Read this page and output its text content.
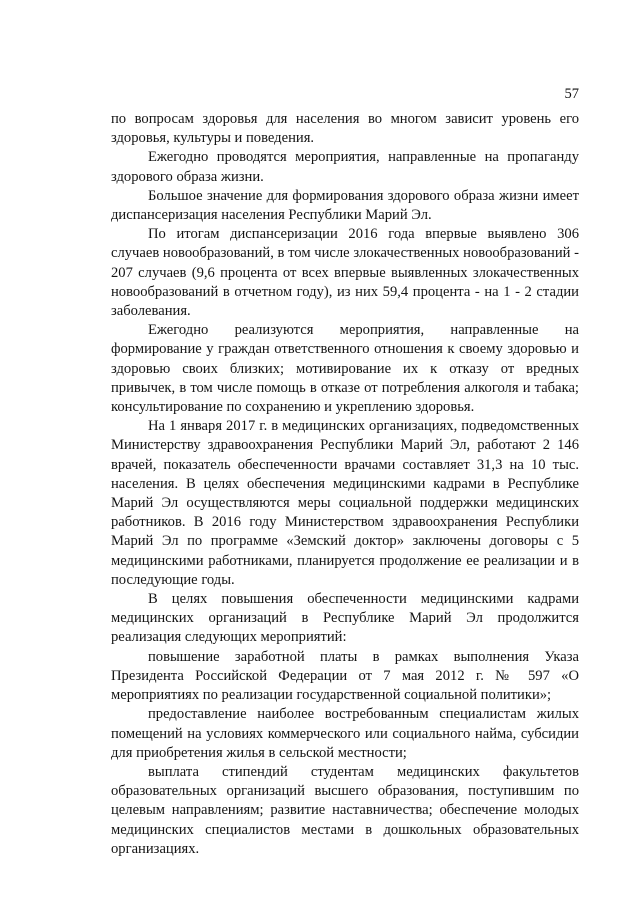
57

по вопросам здоровья для населения во многом зависит уровень его здоровья, культуры и поведения.

Ежегодно проводятся мероприятия, направленные на пропаганду здорового образа жизни.

Большое значение для формирования здорового образа жизни имеет диспансеризация населения Республики Марий Эл.

По итогам диспансеризации 2016 года впервые выявлено 306 случаев новообразований, в том числе злокачественных новообразований - 207 случаев (9,6 процента от всех впервые выявленных злокачественных новообразований в отчетном году), из них 59,4 процента - на 1 - 2 стадии заболевания.

Ежегодно реализуются мероприятия, направленные на формирование у граждан ответственного отношения к своему здоровью и здоровью своих близких; мотивирование их к отказу от вредных привычек, в том числе помощь в отказе от потребления алкоголя и табака; консультирование по сохранению и укреплению здоровья.

На 1 января 2017 г. в медицинских организациях, подведомственных Министерству здравоохранения Республики Марий Эл, работают 2 146 врачей, показатель обеспеченности врачами составляет 31,3 на 10 тыс. населения. В целях обеспечения медицинскими кадрами в Республике Марий Эл осуществляются меры социальной поддержки медицинских работников. В 2016 году Министерством здравоохранения Республики Марий Эл по программе «Земский доктор» заключены договоры с 5 медицинскими работниками, планируется продолжение ее реализации и в последующие годы.

В целях повышения обеспеченности медицинскими кадрами медицинских организаций в Республике Марий Эл продолжится реализация следующих мероприятий:

повышение заработной платы в рамках выполнения Указа Президента Российской Федерации от 7 мая 2012 г. № 597 «О мероприятиях по реализации государственной социальной политики»;

предоставление наиболее востребованным специалистам жилых помещений на условиях коммерческого или социального найма, субсидии для приобретения жилья в сельской местности;

выплата стипендий студентам медицинских факультетов образовательных организаций высшего образования, поступившим по целевым направлениям; развитие наставничества; обеспечение молодых медицинских специалистов местами в дошкольных образовательных организациях.
